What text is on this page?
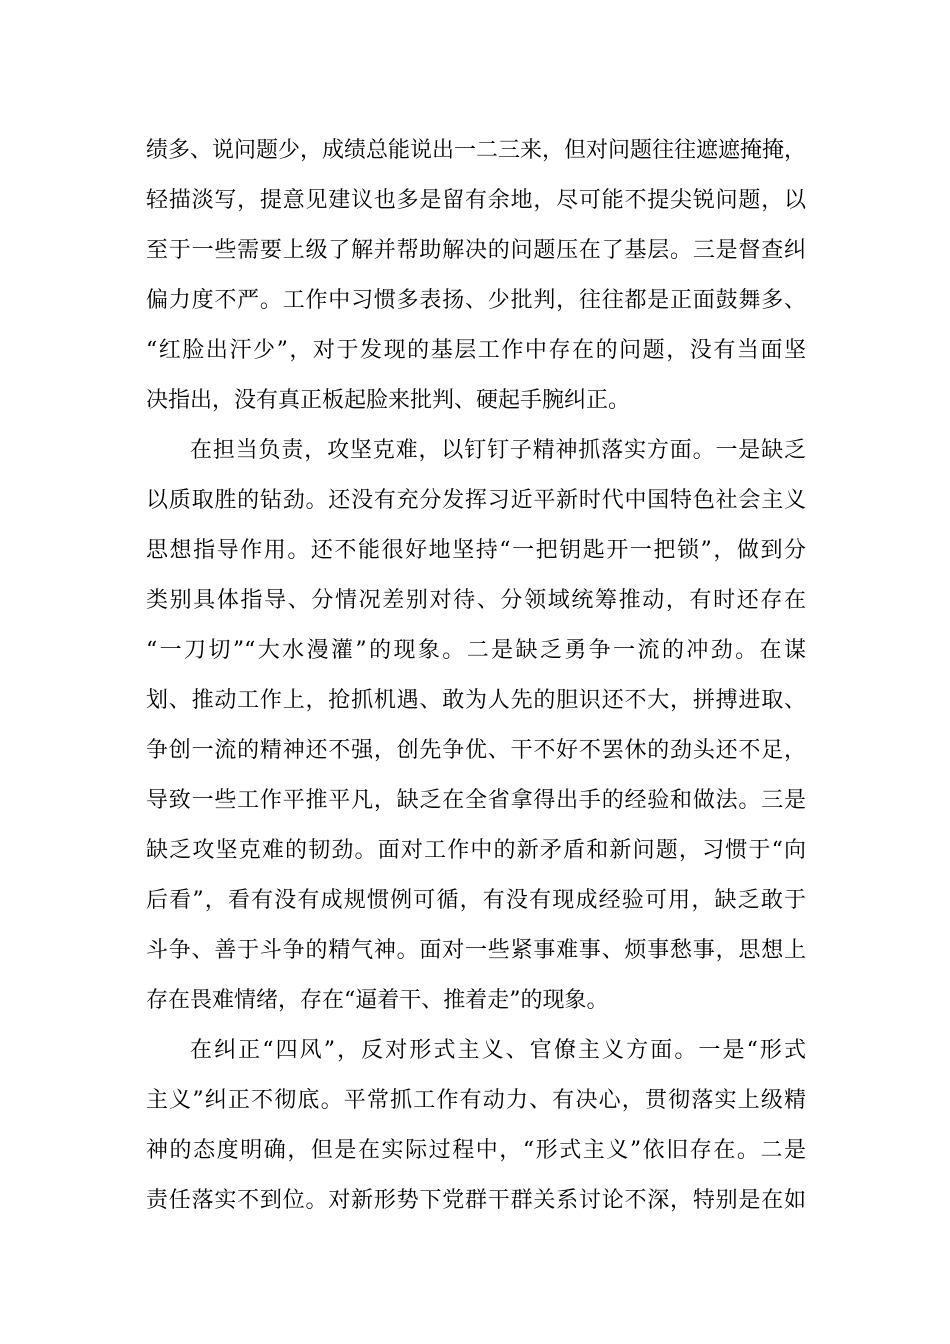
绩多、说问题少，成绩总能说出一二三来，但对问题往往遮遮掩掩，
轻描淡写，提意见建议也多是留有余地，尽可能不提尖锐问题，以
至于一些需要上级了解并帮助解决的问题压在了基层。三是督查纠
偏力度不严。工作中习惯多表扬、少批判，往往都是正面鼓舞多、
“红脸出汗少”，对于发现的基层工作中存在的问题，没有当面坚
决指出，没有真正板起脸来批判、硬起手腕纠正。
在担当负责，攻坚克难，以钉钉子精神抓落实方面。一是缺乏
以质取胜的钻劲。还没有充分发挥习近平新时代中国特色社会主义
思想指导作用。还不能很好地坚持“一把钥匙开一把锁”，做到分
类别具体指导、分情况差别对待、分领域统筹推动，有时还存在
“一刀切”“大水漫灌”的现象。二是缺乏勇争一流的冲劲。在谋
划、推动工作上，抢抓机遇、敢为人先的胆识还不大，拼搏进取、
争创一流的精神还不强，创先争优、干不好不罢休的劲头还不足，
导致一些工作平推平凡，缺乏在全省拿得出手的经验和做法。三是
缺乏攻坚克难的韧劲。面对工作中的新矛盾和新问题，习惯于“向
后看”，看有没有成规惯例可循，有没有现成经验可用，缺乏敢于
斗争、善于斗争的精气神。面对一些紧事难事、烦事愁事，思想上
存在畏难情绪，存在“逼着干、推着走”的现象。
在纠正“四风”，反对形式主义、官僚主义方面。一是“形式
主义”纠正不彻底。平常抓工作有动力、有决心，贯彻落实上级精
神的态度明确，但是在实际过程中，“形式主义”依旧存在。二是
责任落实不到位。对新形势下党群干群关系讨论不深，特别是在如
